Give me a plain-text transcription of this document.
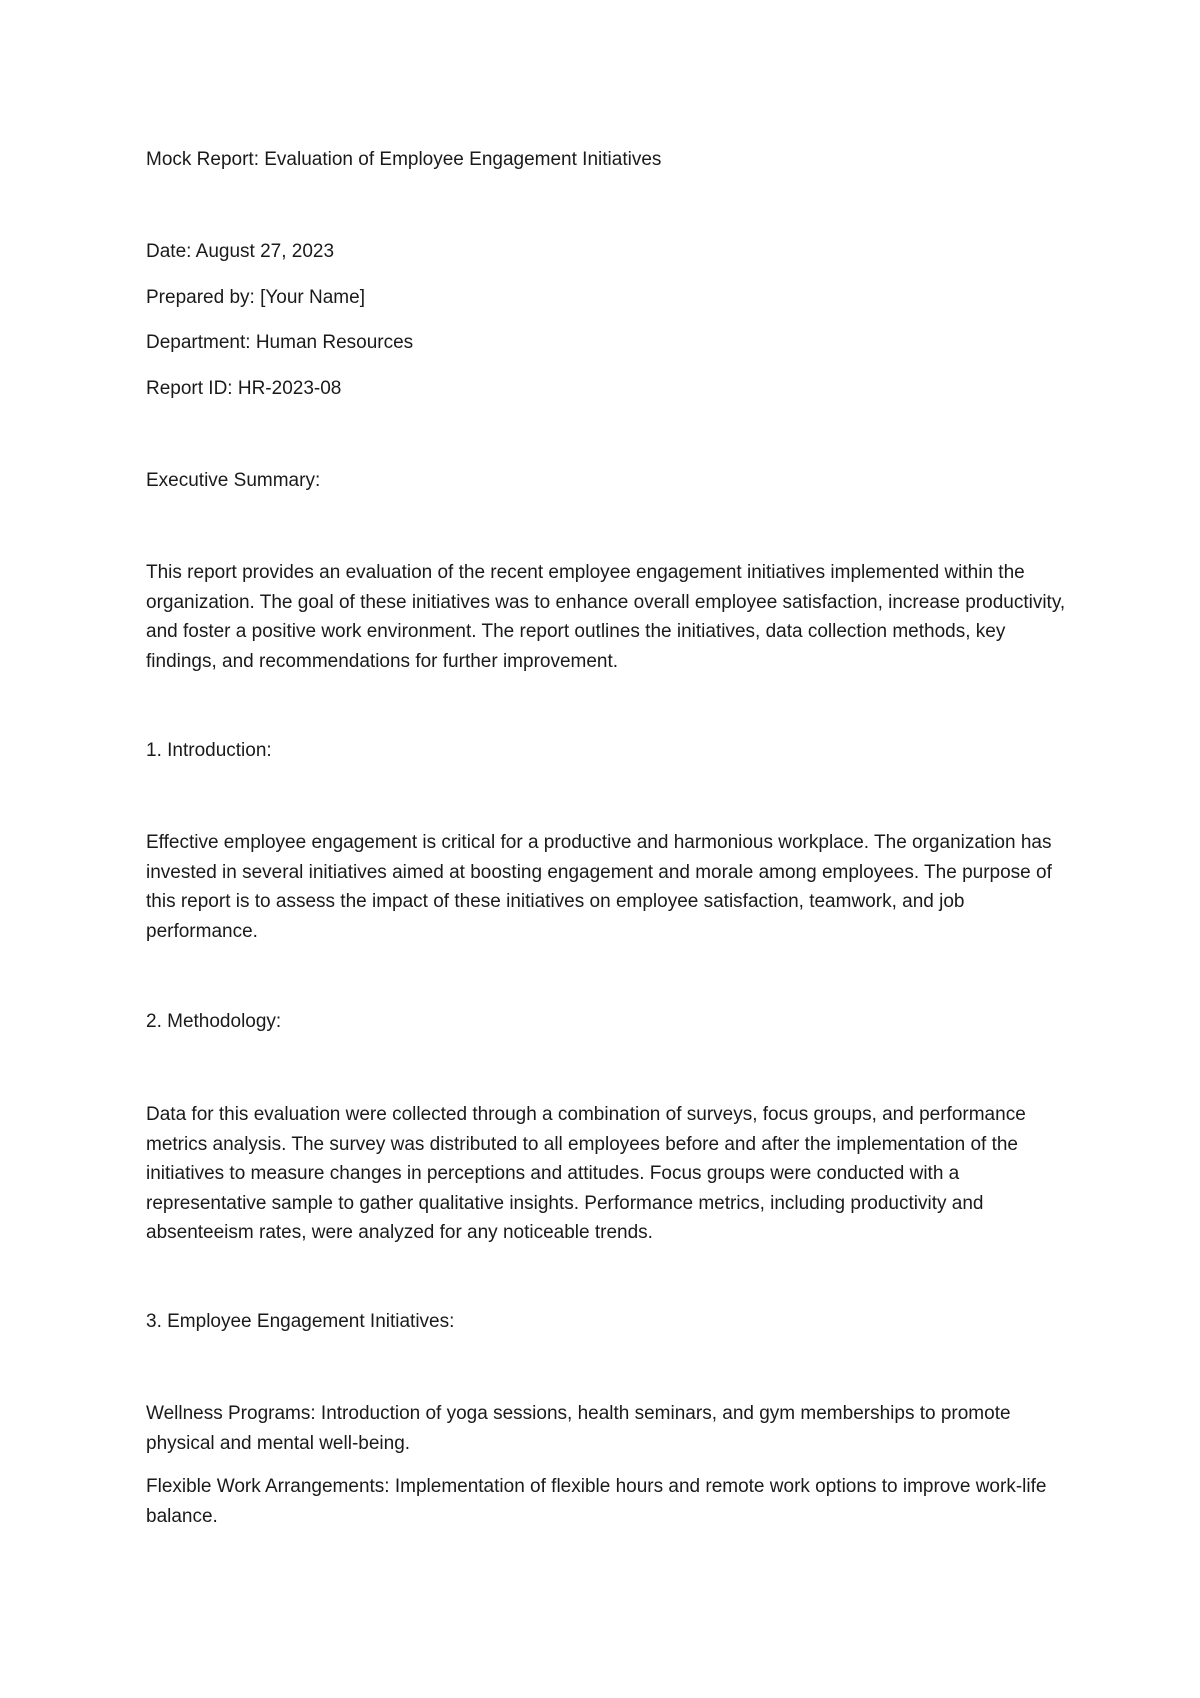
Mock Report: Evaluation of Employee Engagement Initiatives
Date: August 27, 2023
Prepared by: [Your Name]
Department: Human Resources
Report ID: HR-2023-08
Executive Summary:

This report provides an evaluation of the recent employee engagement initiatives implemented within the organization. The goal of these initiatives was to enhance overall employee satisfaction, increase productivity, and foster a positive work environment. The report outlines the initiatives, data collection methods, key findings, and recommendations for further improvement.

1. Introduction:

Effective employee engagement is critical for a productive and harmonious workplace. The organization has invested in several initiatives aimed at boosting engagement and morale among employees. The purpose of this report is to assess the impact of these initiatives on employee satisfaction, teamwork, and job performance.

2. Methodology:

Data for this evaluation were collected through a combination of surveys, focus groups, and performance metrics analysis. The survey was distributed to all employees before and after the implementation of the initiatives to measure changes in perceptions and attitudes. Focus groups were conducted with a representative sample to gather qualitative insights. Performance metrics, including productivity and absenteeism rates, were analyzed for any noticeable trends.

3. Employee Engagement Initiatives:

Wellness Programs: Introduction of yoga sessions, health seminars, and gym memberships to promote physical and mental well-being.

Flexible Work Arrangements: Implementation of flexible hours and remote work options to improve work-life balance.
